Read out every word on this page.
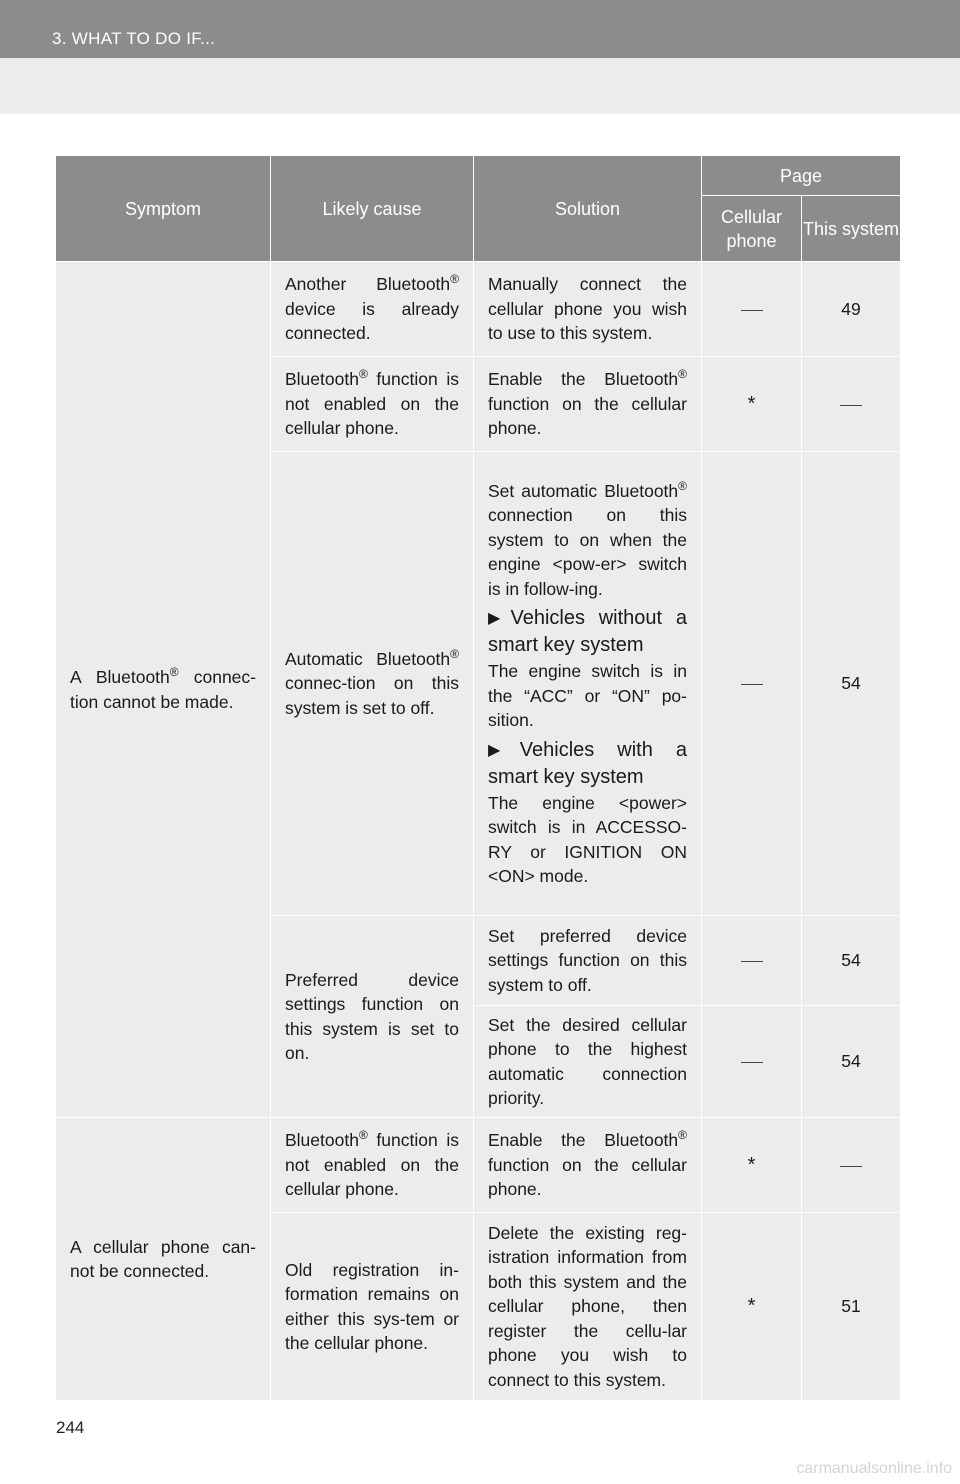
3. WHAT TO DO IF...
Symptom	Likely cause	Solution	Page	
			Cellular phone	This system
A Bluetooth® connec-tion cannot be made.	Another Bluetooth® device is already connected.	Manually connect the cellular phone you wish to use to this system.		49
	Bluetooth® function is not enabled on the cellular phone.	Enable the Bluetooth® function on the cellular phone.	*	
	Automatic Bluetooth® connec-tion on this system is set to off.	Set automatic Bluetooth® connection on this system to on when the engine <pow-er> switch is in follow-ing.
▶ Vehicles without a smart key system
The engine switch is in the “ACC” or “ON” po-sition.
▶ Vehicles with a smart key system
The engine <power> switch is in ACCESSO-RY or IGNITION ON <ON> mode.		54
	Preferred device settings function on this system is set to on.	Set preferred device settings function on this system to off.		54
		Set the desired cellular phone to the highest automatic connection priority.		54
A cellular phone can-not be connected.	Bluetooth® function is not enabled on the cellular phone.	Enable the Bluetooth® function on the cellular phone.	*	
	Old registration in-formation remains on either this sys-tem or the cellular phone.	Delete the existing reg-istration information from both this system and the cellular phone, then register the cellu-lar phone you wish to connect to this system.	*	51
244
carmanualsonline.info
